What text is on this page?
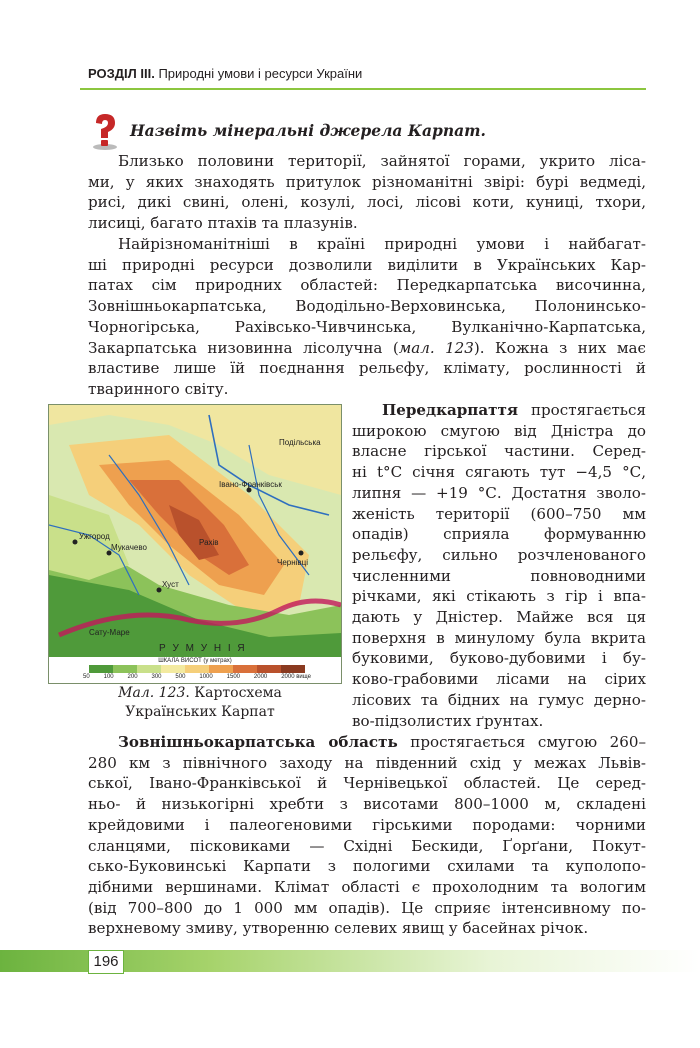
РОЗДІЛ ІІІ. Природні умови і ресурси України
Назвіть мінеральні джерела Карпат.

Близько половини території, зайнятої горами, укрито ліса-
ми, у яких знаходять притулок різноманітні звірі: бурі ведмеді,
рисі, дикі свині, олені, козулі, лосі, лісові коти, куниці, тхори,
лисиці, багато птахів та плазунів.

Найрізноманітніші в країні природні умови і найбагат-
ші природні ресурси дозволили виділити в Українських Кар-
патах сім природних областей: Передкарпатська височинна,
Зовнішньокарпатська, Вододільно-Верховинська, Полонинсько-
Чорногірська, Рахівсько-Чивчинська, Вулканічно-Карпатська,
Закарпатська низовинна лісолучна (мал. 123). Кожна з них має
властиве лише їй поєднання рельєфу, клімату, рослинності й
тваринного світу.

Ужгород
Мукачево
Хуст
Сату-Маре
Івано-Франківськ
Чернівці
Рахів
Подільська
Р У М У Н І Я
ШКАЛА ВИСОТ (у метрах)
50 100 200 300 500 1000 1500 2000 2000 вище
Мал. 123. Картосхема
Українських Карпат

Передкарпаття простягається
широкою смугою від Дністра до
власне гірської частини. Серед-
ні t°С січня сягають тут −4,5 °С,
липня — +19 °С. Достатня зволо-
женість території (600–750 мм
опадів) сприяла формуванню
рельєфу, сильно розчленованого
численними повноводними
річками, які стікають з гір і впа-
дають у Дністер. Майже вся ця
поверхня в минулому була вкрита
буковими, буково-дубовими і бу-
ково-грабовими лісами на сірих
лісових та бідних на гумус дерно-
во-підзолистих ґрунтах.

Зовнішньокарпатська область простягається смугою 260–
280 км з північного заходу на південний схід у межах Львів-
ської, Івано-Франківської й Чернівецької областей. Це серед-
ньо- й низькогірні хребти з висотами 800–1000 м, складені
крейдовими і палеогеновими гірськими породами: чорними
сланцями, пісковиками — Східні Бескиди, Ґорґани, Покут-
сько-Буковинські Карпати з пологими схилами та куполопо-
дібними вершинами. Клімат області є прохолодним та вологим
(від 700–800 до 1 000 мм опадів). Це сприяє інтенсивному по-
верхневому змиву, утворенню селевих явищ у басейнах річок.

196
